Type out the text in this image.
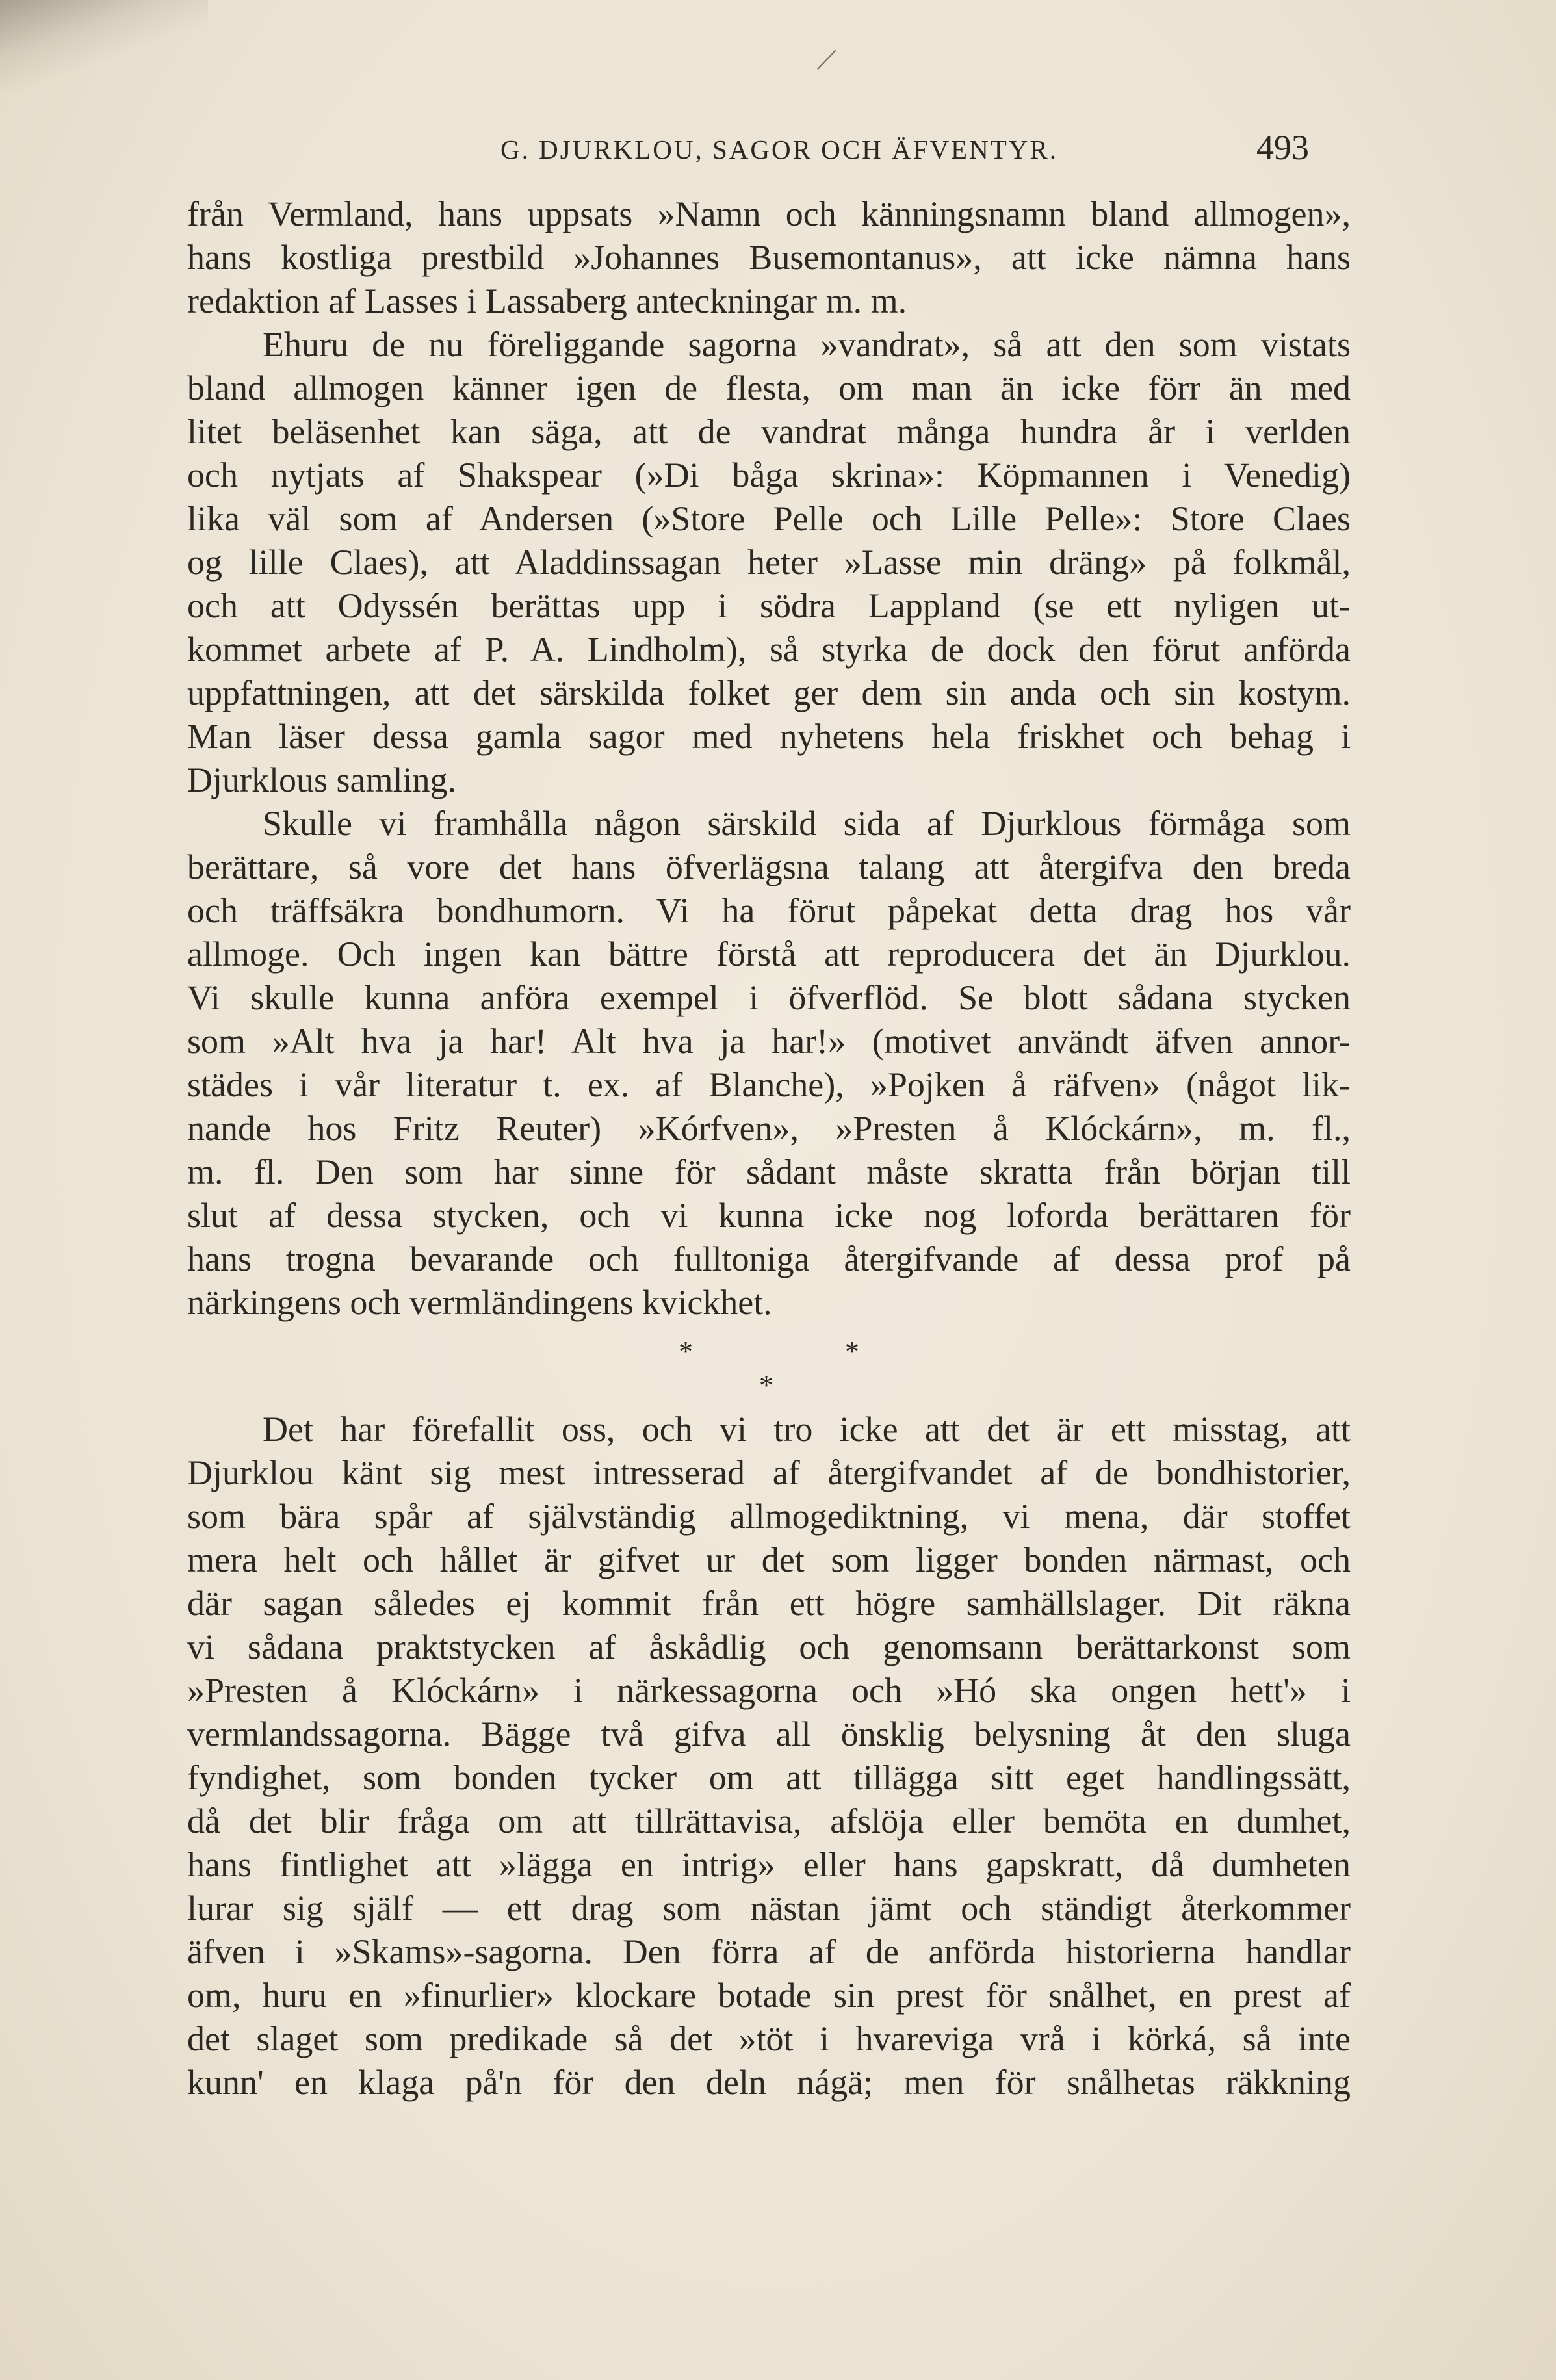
⁄
G. DJURKLOU, SAGOR OCH ÄFVENTYR.	493
från Vermland, hans uppsats »Namn och känningsnamn bland allmogen»,
hans kostliga prestbild »Johannes Busemontanus», att icke nämna hans
redaktion af Lasses i Lassaberg anteckningar m. m.
Ehuru de nu föreliggande sagorna »vandrat», så att den som vistats
bland allmogen känner igen de flesta, om man än icke förr än med
litet beläsenhet kan säga, att de vandrat många hundra år i verlden
och nytjats af Shakspear (»Di båga skrina»: Köpmannen i Venedig)
lika väl som af Andersen (»Store Pelle och Lille Pelle»: Store Claes
og lille Claes), att Aladdinssagan heter »Lasse min dräng» på folkmål,
och att Odyssén berättas upp i södra Lappland (se ett nyligen ut-
kommet arbete af P. A. Lindholm), så styrka de dock den förut anförda
uppfattningen, att det särskilda folket ger dem sin anda och sin kostym.
Man läser dessa gamla sagor med nyhetens hela friskhet och behag i
Djurklous samling.
Skulle vi framhålla någon särskild sida af Djurklous förmåga som
berättare, så vore det hans öfverlägsna talang att återgifva den breda
och träffsäkra bondhumorn. Vi ha förut påpekat detta drag hos vår
allmoge. Och ingen kan bättre förstå att reproducera det än Djurklou.
Vi skulle kunna anföra exempel i öfverflöd. Se blott sådana stycken
som »Alt hva ja har! Alt hva ja har!» (motivet användt äfven annor-
städes i vår literatur t. ex. af Blanche), »Pojken å räfven» (något lik-
nande hos Fritz Reuter) »Kórfven», »Presten å Klóckárn», m. fl.,
m. fl. Den som har sinne för sådant måste skratta från början till
slut af dessa stycken, och vi kunna icke nog loforda berättaren för
hans trogna bevarande och fulltoniga återgifvande af dessa prof på
närkingens och vermländingens kvickhet.
*	*
*
Det har förefallit oss, och vi tro icke att det är ett misstag, att
Djurklou känt sig mest intresserad af återgifvandet af de bondhistorier,
som bära spår af självständig allmogediktning, vi mena, där stoffet
mera helt och hållet är gifvet ur det som ligger bonden närmast, och
där sagan således ej kommit från ett högre samhällslager. Dit räkna
vi sådana praktstycken af åskådlig och genomsann berättarkonst som
»Presten å Klóckárn» i närkessagorna och »Hó ska ongen hett'» i
vermlandssagorna. Bägge två gifva all önsklig belysning åt den sluga
fyndighet, som bonden tycker om att tillägga sitt eget handlingssätt,
då det blir fråga om att tillrättavisa, afslöja eller bemöta en dumhet,
hans fintlighet att »lägga en intrig» eller hans gapskratt, då dumheten
lurar sig själf — ett drag som nästan jämt och ständigt återkommer
äfven i »Skams»-sagorna. Den förra af de anförda historierna handlar
om, huru en »finurlier» klockare botade sin prest för snålhet, en prest af
det slaget som predikade så det »töt i hvareviga vrå i körká, så inte
kunn' en klaga på'n för den deln nágä; men för snålhetas räkkning
